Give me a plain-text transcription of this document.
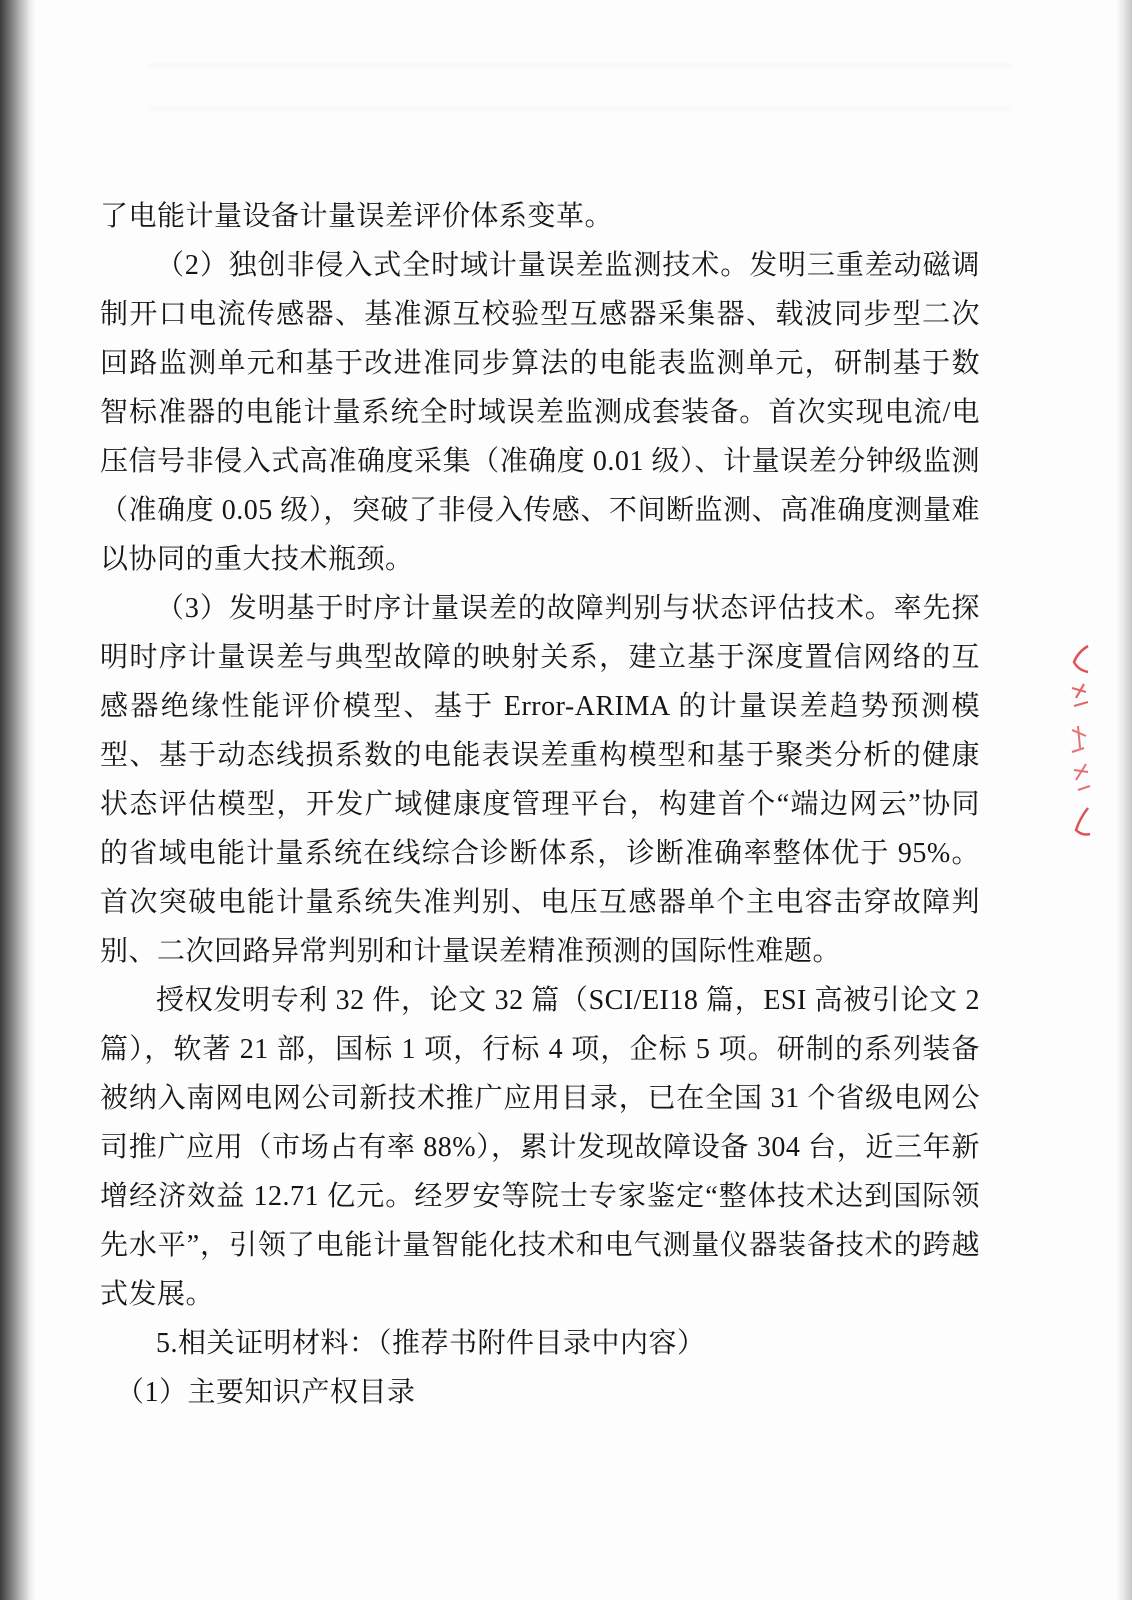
了电能计量设备计量误差评价体系变革。

（2）独创非侵入式全时域计量误差监测技术。发明三重差动磁调制开口电流传感器、基准源互校验型互感器采集器、载波同步型二次回路监测单元和基于改进准同步算法的电能表监测单元，研制基于数智标准器的电能计量系统全时域误差监测成套装备。首次实现电流/电压信号非侵入式高准确度采集（准确度 0.01 级）、计量误差分钟级监测（准确度 0.05 级），突破了非侵入传感、不间断监测、高准确度测量难以协同的重大技术瓶颈。

（3）发明基于时序计量误差的故障判别与状态评估技术。率先探明时序计量误差与典型故障的映射关系，建立基于深度置信网络的互感器绝缘性能评价模型、基于 Error-ARIMA 的计量误差趋势预测模型、基于动态线损系数的电能表误差重构模型和基于聚类分析的健康状态评估模型，开发广域健康度管理平台，构建首个“端边网云”协同的省域电能计量系统在线综合诊断体系，诊断准确率整体优于 95%。首次突破电能计量系统失准判别、电压互感器单个主电容击穿故障判别、二次回路异常判别和计量误差精准预测的国际性难题。

授权发明专利 32 件，论文 32 篇（SCI/EI18 篇，ESI 高被引论文 2 篇），软著 21 部，国标 1 项，行标 4 项，企标 5 项。研制的系列装备被纳入南网电网公司新技术推广应用目录，已在全国 31 个省级电网公司推广应用（市场占有率 88%），累计发现故障设备 304 台，近三年新增经济效益 12.71 亿元。经罗安等院士专家鉴定“整体技术达到国际领先水平”，引领了电能计量智能化技术和电气测量仪器装备技术的跨越式发展。

5.相关证明材料：（推荐书附件目录中内容）

（1）主要知识产权目录
